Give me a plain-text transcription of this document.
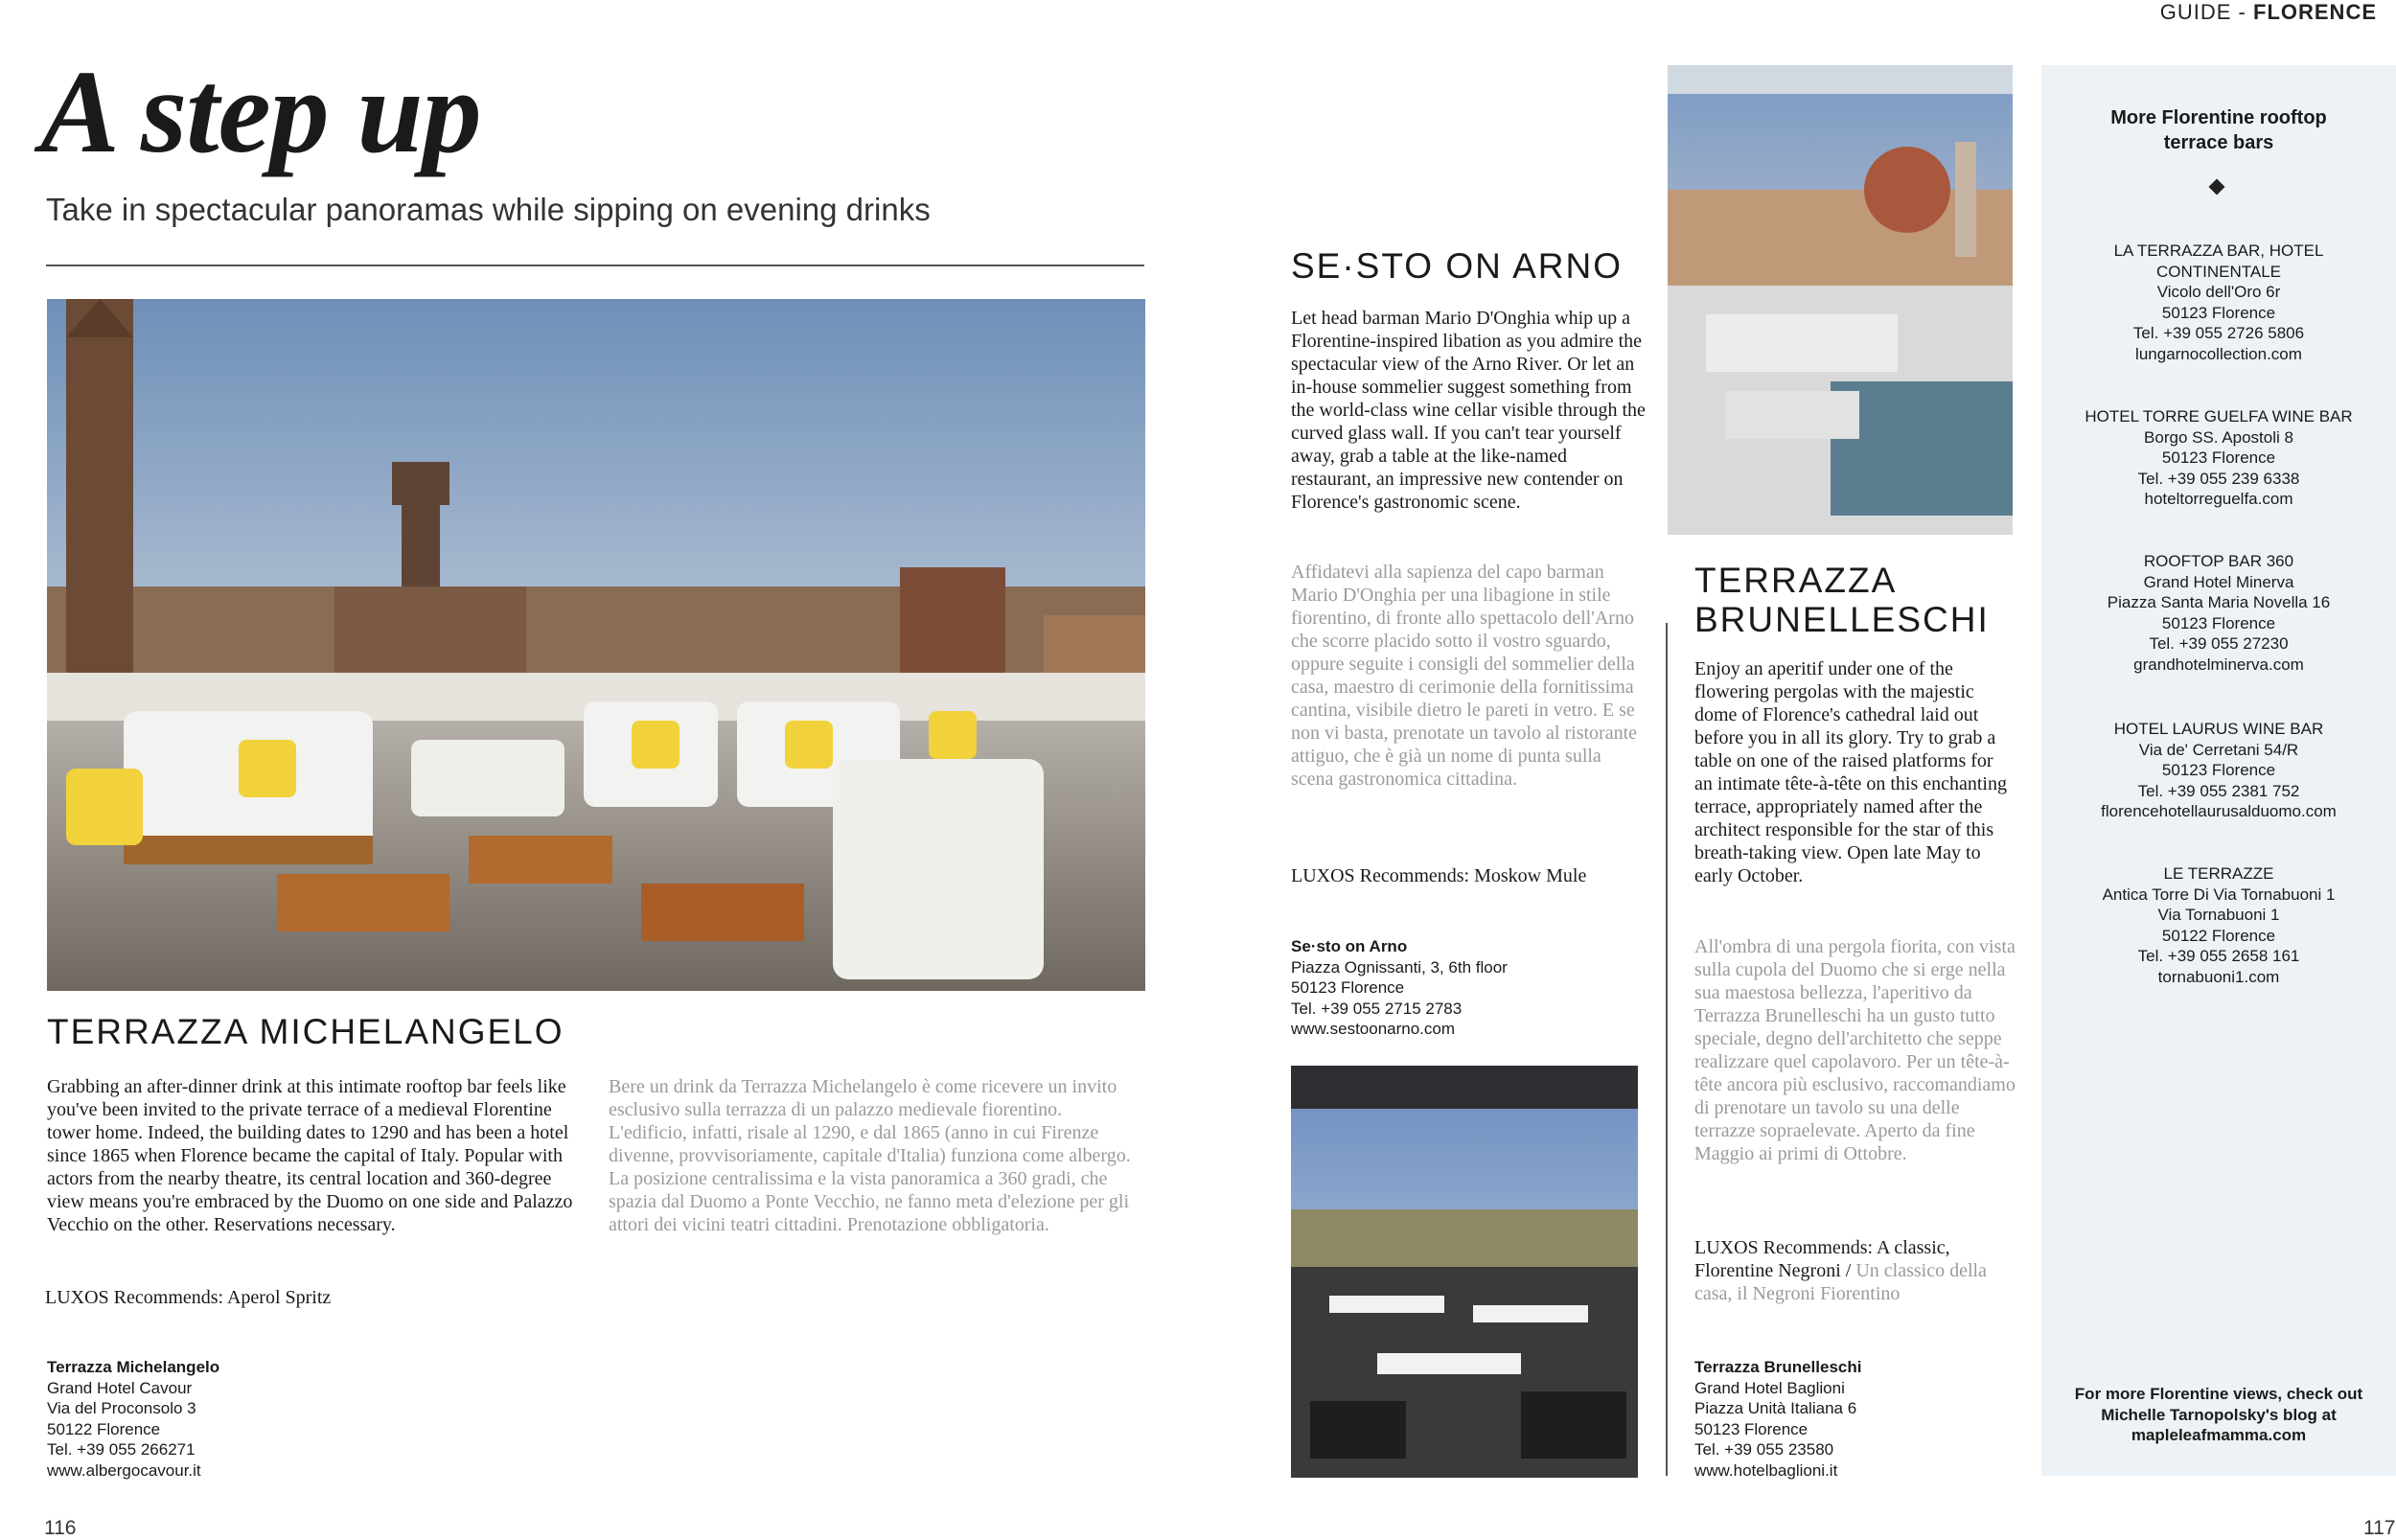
GUIDE - FLORENCE
A step up
Take in spectacular panoramas while sipping on evening drinks
TERRAZZA MICHELANGELO
Grabbing an after-dinner drink at this intimate rooftop bar feels like you've been invited to the private terrace of a medieval Florentine tower home. Indeed, the building dates to 1290 and has been a hotel since 1865 when Florence became the capital of Italy. Popular with actors from the nearby theatre, its central location and 360-degree view means you're embraced by the Duomo on one side and Palazzo Vecchio on the other. Reservations necessary.
Bere un drink da Terrazza Michelangelo è come ricevere un invito esclusivo sulla terrazza di un palazzo medievale fiorentino. L'edificio, infatti, risale al 1290, e dal 1865 (anno in cui Firenze divenne, provvisoriamente, capitale d'Italia) funziona come albergo. La posizione centralissima e la vista panoramica a 360 gradi, che spazia dal Duomo a Ponte Vecchio, ne fanno meta d'elezione per gli attori dei vicini teatri cittadini. Prenotazione obbligatoria.
LUXOS Recommends: Aperol Spritz
Terrazza Michelangelo
Grand Hotel Cavour
Via del Proconsolo 3
50122 Florence
Tel. +39 055 266271
www.albergocavour.it
SE·STO ON ARNO
Let head barman Mario D'Onghia whip up a Florentine-inspired libation as you admire the spectacular view of the Arno River. Or let an in-house sommelier suggest something from the world-class wine cellar visible through the curved glass wall. If you can't tear yourself away, grab a table at the like-named restaurant, an impressive new contender on Florence's gastronomic scene.
Affidatevi alla sapienza del capo barman Mario D'Onghia per una libagione in stile fiorentino, di fronte allo spettacolo dell'Arno che scorre placido sotto il vostro sguardo, oppure seguite i consigli del sommelier della casa, maestro di cerimonie della fornitissima cantina, visibile dietro le pareti in vetro. E se non vi basta, prenotate un tavolo al ristorante attiguo, che è già un nome di punta sulla scena gastronomica cittadina.
LUXOS Recommends: Moskow Mule
Se·sto on Arno
Piazza Ognissanti, 3, 6th floor
50123 Florence
Tel. +39 055 2715 2783
www.sestoonarno.com
TERRAZZA
BRUNELLESCHI
Enjoy an aperitif under one of the flowering pergolas with the majestic dome of Florence's cathedral laid out before you in all its glory. Try to grab a table on one of the raised platforms for an intimate tête-à-tête on this enchanting terrace, appropriately named after the architect responsible for the star of this breath-taking view. Open late May to early October.
All'ombra di una pergola fiorita, con vista sulla cupola del Duomo che si erge nella sua maestosa bellezza, l'aperitivo da Terrazza Brunelleschi ha un gusto tutto speciale, degno dell'architetto che seppe realizzare quel capolavoro. Per un tête-à-tête ancora più esclusivo, raccomandiamo di prenotare un tavolo su una delle terrazze sopraelevate. Aperto da fine Maggio ai primi di Ottobre.
LUXOS Recommends: A classic, Florentine Negroni / Un classico della casa, il Negroni Fiorentino
Terrazza Brunelleschi
Grand Hotel Baglioni
Piazza Unità Italiana 6
50123 Florence
Tel. +39 055 23580
www.hotelbaglioni.it
More Florentine rooftop
terrace bars
LA TERRAZZA BAR, HOTEL
CONTINENTALE
Vicolo dell'Oro 6r
50123 Florence
Tel. +39 055 2726 5806
lungarnocollection.com
HOTEL TORRE GUELFA WINE BAR
Borgo SS. Apostoli 8
50123 Florence
Tel. +39 055 239 6338
hoteltorreguelfa.com
ROOFTOP BAR 360
Grand Hotel Minerva
Piazza Santa Maria Novella 16
50123 Florence
Tel. +39 055 27230
grandhotelminerva.com
HOTEL LAURUS WINE BAR
Via de' Cerretani 54/R
50123 Florence
Tel. +39 055 2381 752
florencehotellaurusalduomo.com
LE TERRAZZE
Antica Torre Di Via Tornabuoni 1
Via Tornabuoni 1
50122 Florence
Tel. +39 055 2658 161
tornabuoni1.com
For more Florentine views, check out
Michelle Tarnopolsky's blog at
mapleleafmamma.com
116	117
